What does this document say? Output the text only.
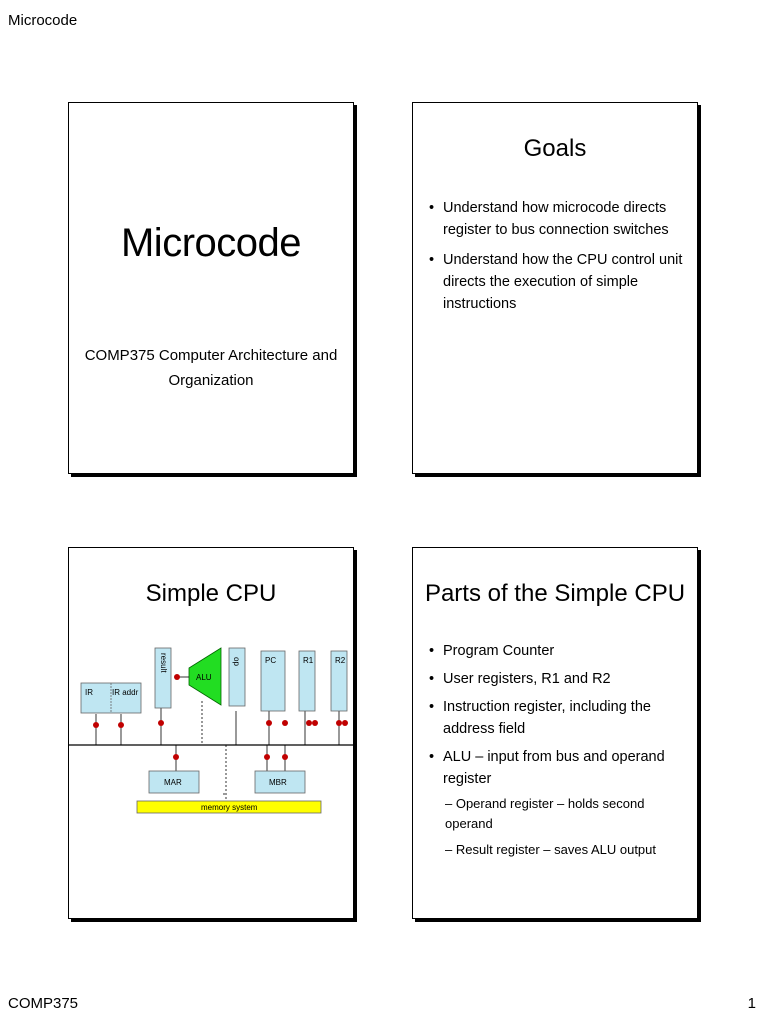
Microcode
Microcode
COMP375 Computer Architecture and
Organization
Goals
• Understand how microcode directs register to bus connection switches
• Understand how the CPU control unit directs the execution of simple instructions
Simple CPU
IR IR addr
result
ALU
op	PC	R1	R2
MAR	MBR
memory system
Parts of the Simple CPU
• Program Counter
• User registers, R1 and R2
• Instruction register, including the address field
• ALU – input from bus and operand register
– Operand register – holds second operand
– Result register – saves ALU output
COMP375	1
